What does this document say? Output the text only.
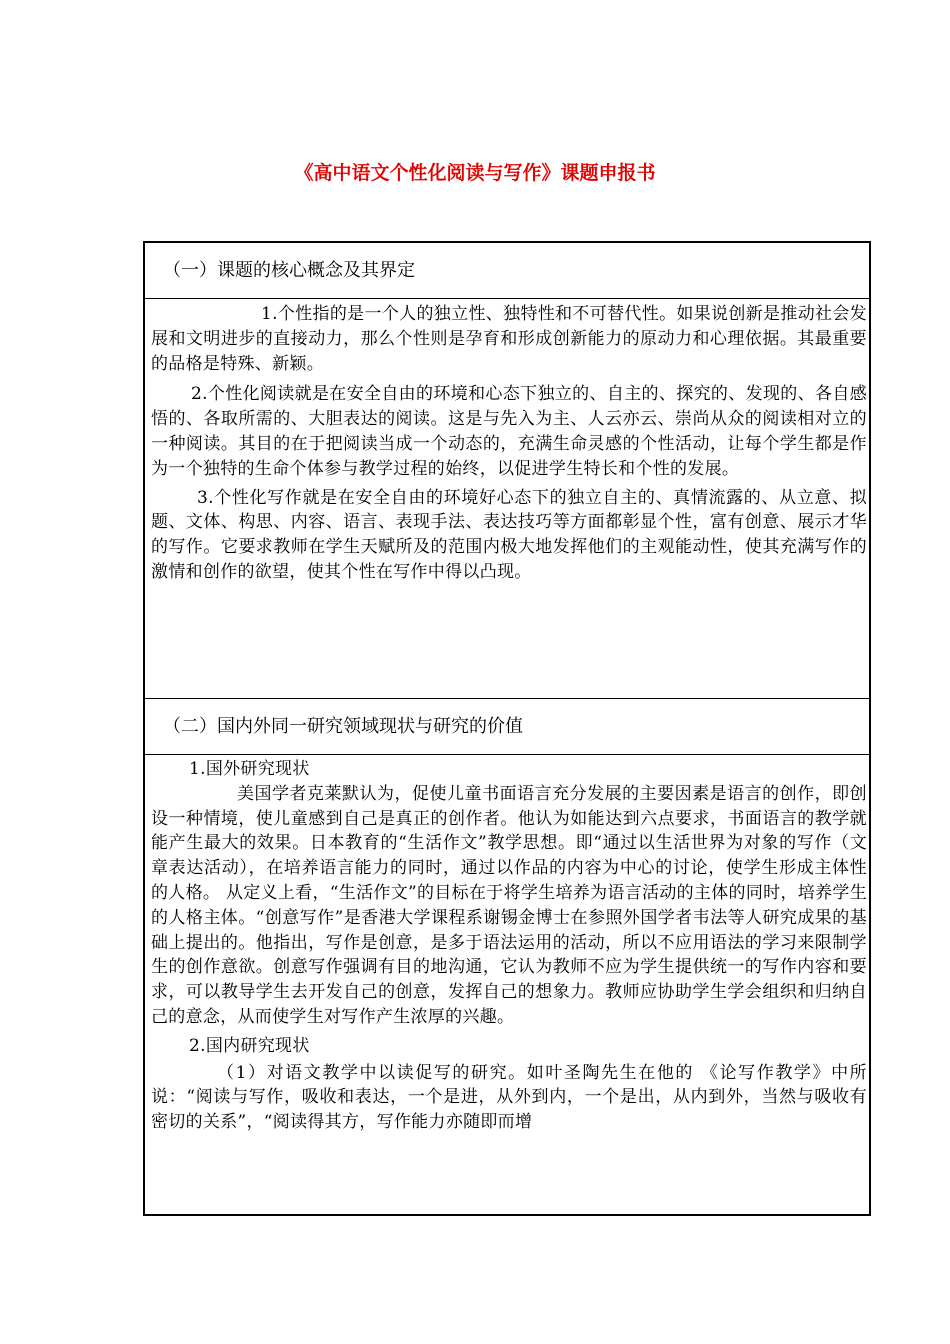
《高中语文个性化阅读与写作》课题申报书
（一）课题的核心概念及其界定

1.个性指的是一个人的独立性、独特性和不可替代性。如果说创新是推动社会发展和文明进步的直接动力，那么个性则是孕育和形成创新能力的原动力和心理依据。其最重要的品格是特殊、新颖。

2.个性化阅读就是在安全自由的环境和心态下独立的、自主的、探究的、发现的、各自感悟的、各取所需的、大胆表达的阅读。这是与先入为主、人云亦云、崇尚从众的阅读相对立的一种阅读。其目的在于把阅读当成一个动态的，充满生命灵感的个性活动，让每个学生都是作为一个独特的生命个体参与教学过程的始终，以促进学生特长和个性的发展。

3.个性化写作就是在安全自由的环境好心态下的独立自主的、真情流露的、从立意、拟题、文体、构思、内容、语言、表现手法、表达技巧等方面都彰显个性，富有创意、展示才华的写作。它要求教师在学生天赋所及的范围内极大地发挥他们的主观能动性，使其充满写作的激情和创作的欲望，使其个性在写作中得以凸现。

（二）国内外同一研究领域现状与研究的价值

1.国外研究现状

美国学者克莱默认为，促使儿童书面语言充分发展的主要因素是语言的创作，即创设一种情境，使儿童感到自己是真正的创作者。他认为如能达到六点要求，书面语言的教学就能产生最大的效果。日本教育的“生活作文”教学思想。即“通过以生活世界为对象的写作（文章表达活动），在培养语言能力的同时，通过以作品的内容为中心的讨论，使学生形成主体性的人格。 从定义上看，“生活作文”的目标在于将学生培养为语言活动的主体的同时，培养学生的人格主体。“创意写作”是香港大学课程系谢锡金博士在参照外国学者韦法等人研究成果的基础上提出的。他指出，写作是创意，是多于语法运用的活动，所以不应用语法的学习来限制学生的创作意欲。创意写作强调有目的地沟通，它认为教师不应为学生提供统一的写作内容和要求，可以教导学生去开发自己的创意，发挥自己的想象力。教师应协助学生学会组织和归纳自己的意念，从而使学生对写作产生浓厚的兴趣。

2.国内研究现状

（1）对语文教学中以读促写的研究。如叶圣陶先生在他的 《论写作教学》中所说：“阅读与写作，吸收和表达，一个是进，从外到内，一个是出，从内到外，当然与吸收有密切的关系”，“阅读得其方，写作能力亦随即而增
